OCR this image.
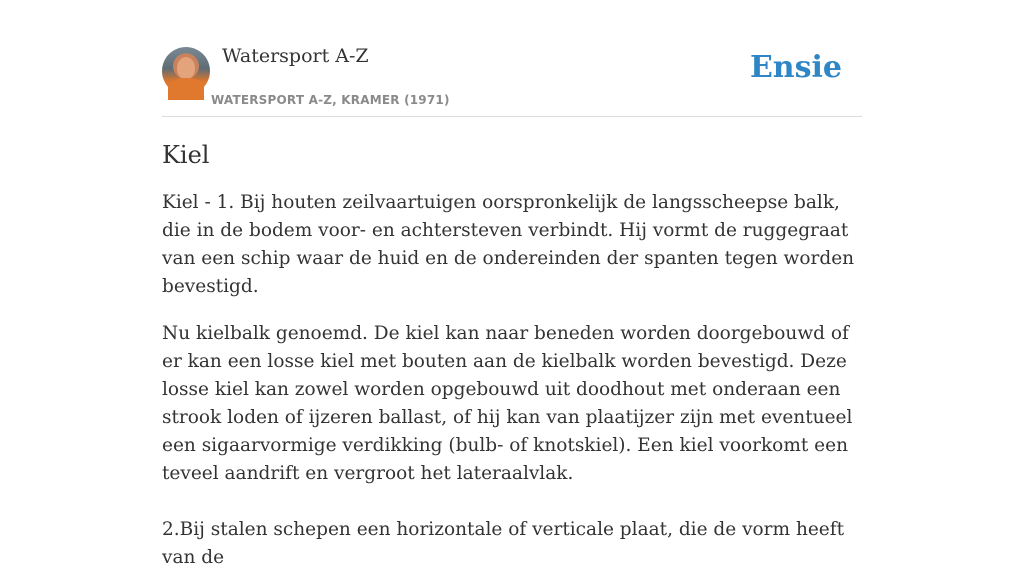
Watersport A-Z
WATERSPORT A-Z, KRAMER (1971)
Ensie
Kiel

Kiel - 1. Bij houten zeilvaartuigen oorspronkelijk de langsscheepse balk, die in de bodem voor- en achtersteven verbindt. Hij vormt de ruggegraat van een schip waar de huid en de ondereinden der spanten tegen worden bevestigd.

Nu kielbalk genoemd. De kiel kan naar beneden worden doorgebouwd of er kan een losse kiel met bouten aan de kielbalk worden bevestigd. Deze losse kiel kan zowel worden opgebouwd uit doodhout met onderaan een strook loden of ijzeren ballast, of hij kan van plaatijzer zijn met eventueel een sigaarvormige verdikking (bulb- of knotskiel). Een kiel voorkomt een teveel aandrift en vergroot het lateraalvlak.

2.Bij stalen schepen een horizontale of verticale plaat, die de vorm heeft van de
